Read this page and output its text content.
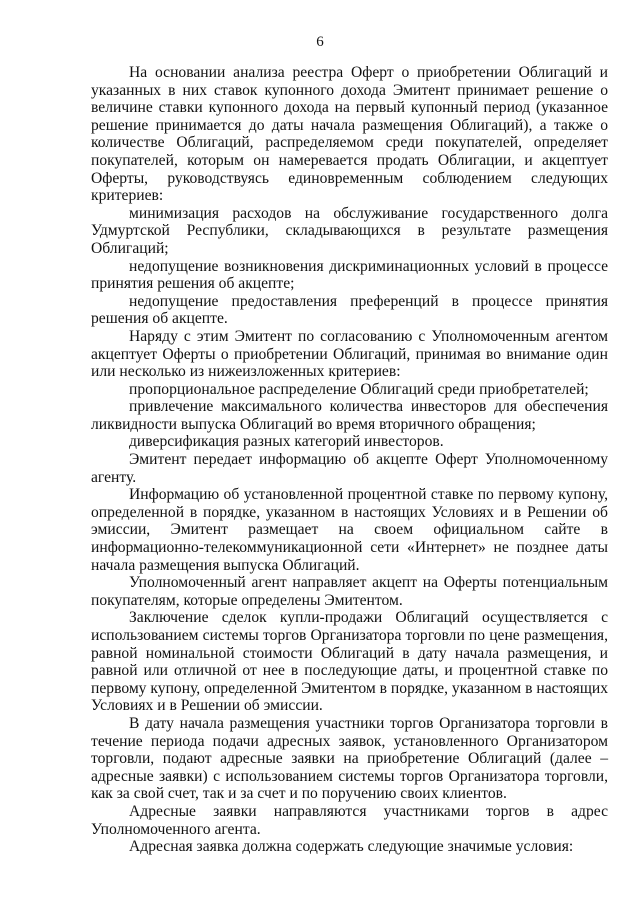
6

На основании анализа реестра Оферт о приобретении Облигаций и указанных в них ставок купонного дохода Эмитент принимает решение о величине ставки купонного дохода на первый купонный период (указанное решение принимается до даты начала размещения Облигаций), а также о количестве Облигаций, распределяемом среди покупателей, определяет покупателей, которым он намеревается продать Облигации, и акцептует Оферты, руководствуясь единовременным соблюдением следующих критериев:

минимизация расходов на обслуживание государственного долга Удмуртской Республики, складывающихся в результате размещения Облигаций;

недопущение возникновения дискриминационных условий в процессе принятия решения об акцепте;

недопущение предоставления преференций в процессе принятия решения об акцепте.

Наряду с этим Эмитент по согласованию с Уполномоченным агентом акцептует Оферты о приобретении Облигаций, принимая во внимание один или несколько из нижеизложенных критериев:

пропорциональное распределение Облигаций среди приобретателей;

привлечение максимального количества инвесторов для обеспечения ликвидности выпуска Облигаций во время вторичного обращения;

диверсификация разных категорий инвесторов.

Эмитент передает информацию об акцепте Оферт Уполномоченному агенту.

Информацию об установленной процентной ставке по первому купону, определенной в порядке, указанном в настоящих Условиях и в Решении об эмиссии, Эмитент размещает на своем официальном сайте в информационно-телекоммуникационной сети «Интернет» не позднее даты начала размещения выпуска Облигаций.

Уполномоченный агент направляет акцепт на Оферты потенциальным покупателям, которые определены Эмитентом.

Заключение сделок купли-продажи Облигаций осуществляется с использованием системы торгов Организатора торговли по цене размещения, равной номинальной стоимости Облигаций в дату начала размещения, и равной или отличной от нее в последующие даты, и процентной ставке по первому купону, определенной Эмитентом в порядке, указанном в настоящих Условиях и в Решении об эмиссии.

В дату начала размещения участники торгов Организатора торговли в течение периода подачи адресных заявок, установленного Организатором торговли, подают адресные заявки на приобретение Облигаций (далее – адресные заявки) с использованием системы торгов Организатора торговли, как за свой счет, так и за счет и по поручению своих клиентов.

Адресные заявки направляются участниками торгов в адрес Уполномоченного агента.

Адресная заявка должна содержать следующие значимые условия:
